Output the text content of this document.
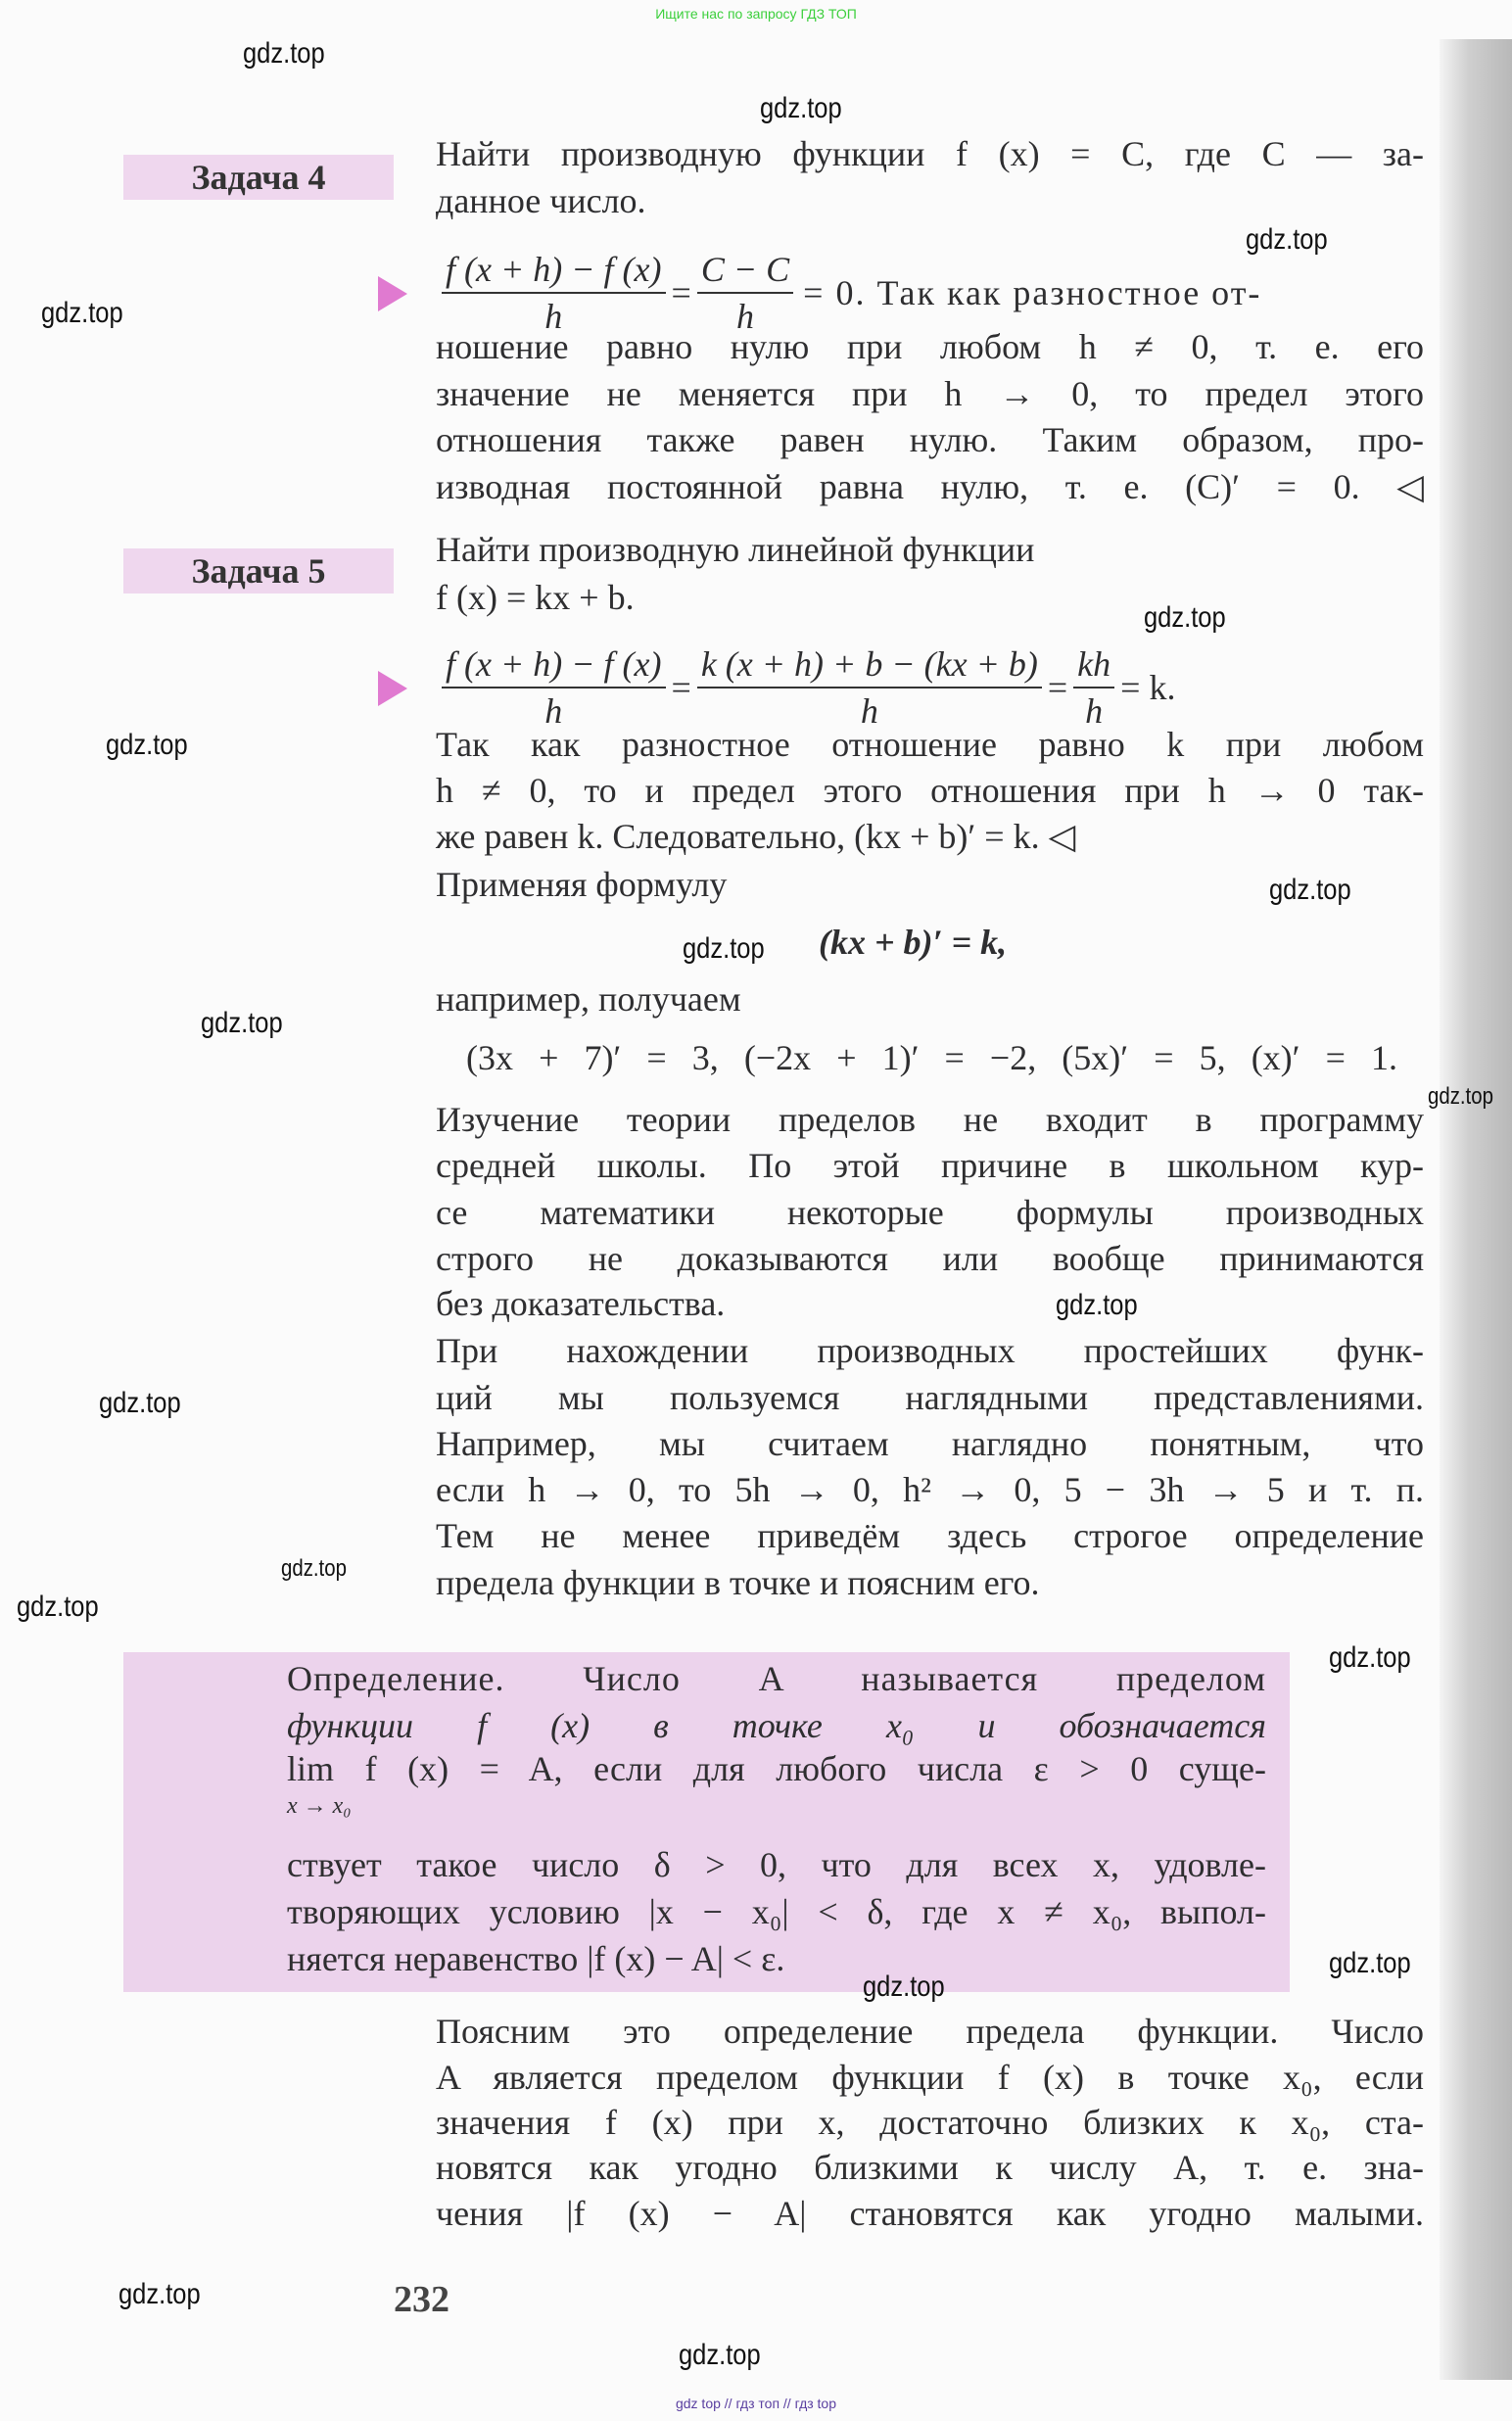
Ищите нас по запросу ГДЗ ТОП
Задача 4
Найти производную функции f (x) = C, где C — за-
данное число.
$\frac{f (x + h) - f (x)}{h} = \frac{C - C}{h} = 0$. Так как разностное от-
ношение равно нулю при любом h ≠ 0, т. е. его
значение не меняется при h → 0, то предел этого
отношения также равен нулю. Таким образом, про-
изводная постоянной равна нулю, т. е. (C)′ = 0. ◁
Задача 5
Найти производную линейной функции
f (x) = kx + b.
$\frac{f (x + h) - f (x)}{h} = \frac{k (x + h) + b - (kx + b)}{h} = \frac{kh}{h} = k$.
Так как разностное отношение равно k при любом
h ≠ 0, то и предел этого отношения при h → 0 так-
же равен k. Следовательно, (kx + b)′ = k. ◁
Применяя формулу
(kx + b)′ = k,
например, получаем
(3x + 7)′ = 3, (−2x + 1)′ = −2, (5x)′ = 5, (x)′ = 1.
Изучение теории пределов не входит в программу
средней школы. По этой причине в школьном кур-
се математики некоторые формулы производных
строго не доказываются или вообще принимаются
без доказательства.
При нахождении производных простейших функ-
ций мы пользуемся наглядными представлениями.
Например, мы считаем наглядно понятным, что
если h → 0, то 5h → 0, h² → 0, 5 − 3h → 5 и т. п.
Тем не менее приведём здесь строгое определение
предела функции в точке и поясним его.
Определение. Число A называется пределом
функции f (x) в точке x₀ и обозначается
lim f (x) = A, если для любого числа ε > 0 суще-
x → x₀
ствует такое число δ > 0, что для всех x, удовле-
творяющих условию |x − x₀| < δ, где x ≠ x₀, выпол-
няется неравенство |f (x) − A| < ε.
Поясним это определение предела функции. Число
A является пределом функции f (x) в точке x₀, если
значения f (x) при x, достаточно близких к x₀, ста-
новятся как угодно близкими к числу A, т. е. зна-
чения |f (x) − A| становятся как угодно малыми.
232
gdz.top
gdz.top
gdz.top
gdz.top
gdz.top
gdz.top
gdz.top
gdz.top
gdz.top
gdz.top
gdz.top
gdz.top
gdz.top
gdz.top
gdz.top
gdz.top
gdz.top
gdz.top
gdz.top
gdz top // гдз топ // гдз top
